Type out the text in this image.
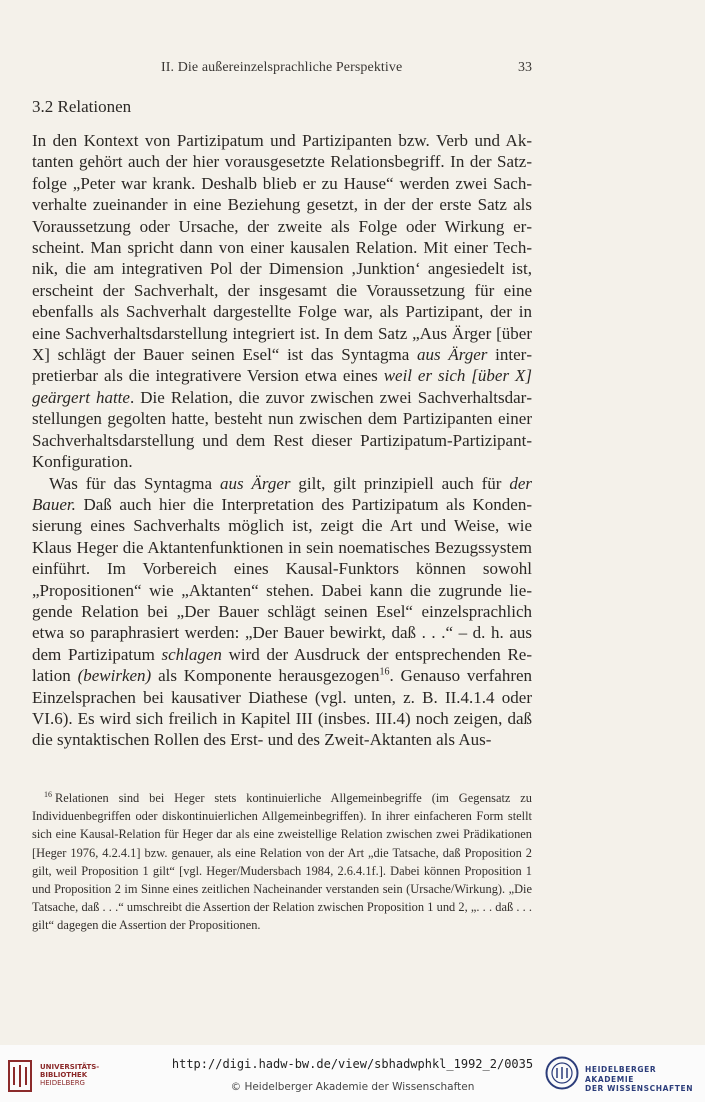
II. Die außereinzelsprachliche Perspektive	33
3.2 Relationen

In den Kontext von Partizipatum und Partizipanten bzw. Verb und Aktanten gehört auch der hier vorausgesetzte Relationsbegriff. In der Satzfolge „Peter war krank. Deshalb blieb er zu Hause“ werden zwei Sachverhalte zueinander in eine Beziehung gesetzt, in der der erste Satz als Voraussetzung oder Ursache, der zweite als Folge oder Wirkung erscheint. Man spricht dann von einer kausalen Relation. Mit einer Technik, die am integrativen Pol der Dimension ‚Junktion‘ angesiedelt ist, erscheint der Sachverhalt, der insgesamt die Voraussetzung für eine ebenfalls als Sachverhalt dargestellte Folge war, als Partizipant, der in eine Sachverhaltsdarstellung integriert ist. In dem Satz „Aus Ärger [über X] schlägt der Bauer seinen Esel“ ist das Syntagma aus Ärger interpretierbar als die integrativere Version etwa eines weil er sich [über X] geärgert hatte. Die Relation, die zuvor zwischen zwei Sachverhaltsdarstellungen gegolten hatte, besteht nun zwischen dem Partizipanten einer Sachverhaltsdarstellung und dem Rest dieser Partizipatum-Partizipant-Konfiguration.

Was für das Syntagma aus Ärger gilt, gilt prinzipiell auch für der Bauer. Daß auch hier die Interpretation des Partizipatum als Kondensierung eines Sachverhalts möglich ist, zeigt die Art und Weise, wie Klaus Heger die Aktantenfunktionen in sein noematisches Bezugssystem einführt. Im Vorbereich eines Kausal-Funktors können sowohl „Propositionen“ wie „Aktanten“ stehen. Dabei kann die zugrunde liegende Relation bei „Der Bauer schlägt seinen Esel“ einzelsprachlich etwa so paraphrasiert werden: „Der Bauer bewirkt, daß . . .“ – d. h. aus dem Partizipatum schlagen wird der Ausdruck der entsprechenden Relation (bewirken) als Komponente herausgezogen$^{16}$. Genauso verfahren Einzelsprachen bei kausativer Diathese (vgl. unten, z. B. II.4.1.4 oder VI.6). Es wird sich freilich in Kapitel III (insbes. III.4) noch zeigen, daß die syntaktischen Rollen des Erst- und des Zweit-Aktanten als Aus-

$^{16}$ Relationen sind bei Heger stets kontinuierliche Allgemeinbegriffe (im Gegensatz zu Individuenbegriffen oder diskontinuierlichen Allgemeinbegriffen). In ihrer einfacheren Form stellt sich eine Kausal-Relation für Heger dar als eine zweistellige Relation zwischen zwei Prädikationen [Heger 1976, 4.2.4.1] bzw. genauer, als eine Relation von der Art „die Tatsache, daß Proposition 2 gilt, weil Proposition 1 gilt“ [vgl. Heger/Mudersbach 1984, 2.6.4.1f.]. Dabei können Proposition 1 und Proposition 2 im Sinne eines zeitlichen Nacheinander verstanden sein (Ursache/Wirkung). „Die Tatsache, daß . . .“ umschreibt die Assertion der Relation zwischen Proposition 1 und 2, „. . . daß . . . gilt“ dagegen die Assertion der Propositionen.

UNIVERSITÄTS-
BIBLIOTHEK
HEIDELBERG
http://digi.hadw-bw.de/view/sbhadwphkl_1992_2/0035
© Heidelberger Akademie der Wissenschaften
HEIDELBERGER AKADEMIE
DER WISSENSCHAFTEN
